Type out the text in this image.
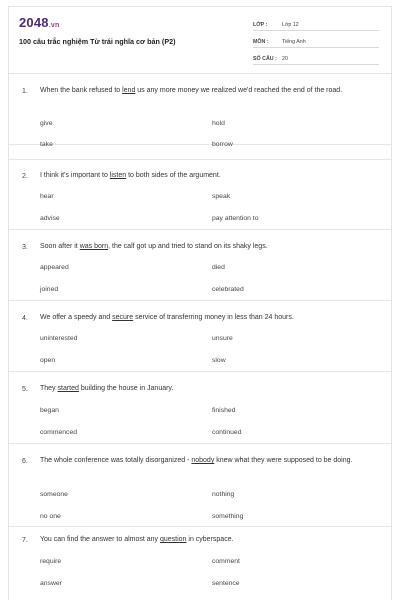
2048.vn
100 câu trắc nghiệm Từ trái nghĩa cơ bản (P2)
LỚP :	Lớp 12
MÔN :	Tiếng Anh
SỐ CÂU : 20
1. When the bank refused to lend us any more money we realized we'd reached the end of the road.
give	hold
take	borrow
2. I think it's important to listen to both sides of the argument.
hear	speak
advise	pay attention to
3. Soon after it was born, the calf got up and tried to stand on its shaky legs.
appeared	died
joined	celebrated
4. We offer a speedy and secure service of transferring money in less than 24 hours.
uninterested	unsure
open	slow
5. They started building the house in January.
began	finished
commenced	continued
6. The whole conference was totally disorganized - nobody knew what they were supposed to be doing.
someone	nothing
no one	something
7. You can find the answer to almost any question in cyberspace.
require	comment
answer	sentence
